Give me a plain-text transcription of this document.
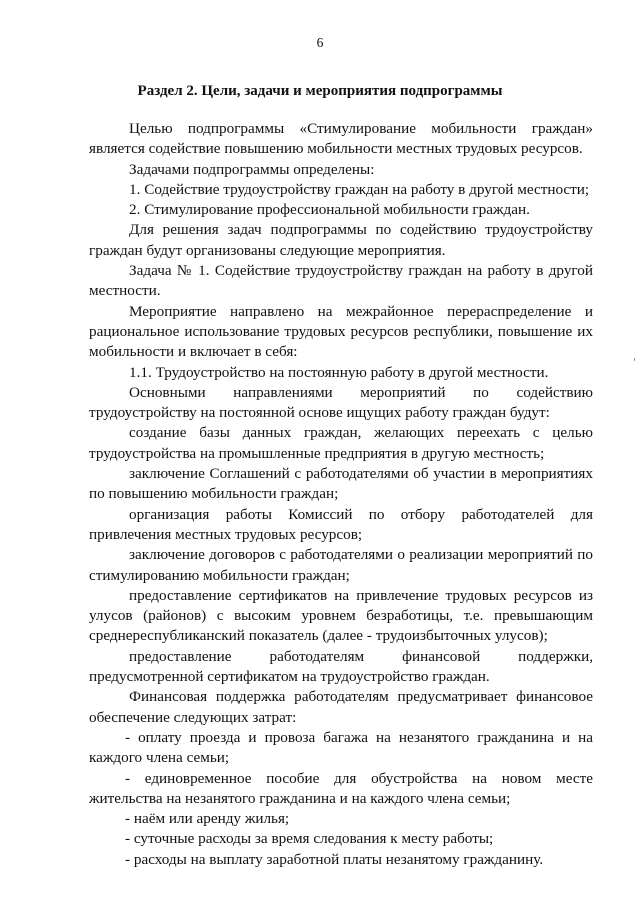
6
Раздел 2. Цели, задачи и мероприятия подпрограммы

Целью подпрограммы «Стимулирование мобильности граждан» является содействие повышению мобильности местных трудовых ресурсов.

Задачами подпрограммы определены:

1. Содействие трудоустройству граждан на работу в другой местности;

2. Стимулирование профессиональной мобильности граждан.

Для решения задач подпрограммы по содействию трудоустройству граждан будут организованы следующие мероприятия.

Задача № 1. Содействие трудоустройству граждан на работу в другой местности.

Мероприятие направлено на межрайонное перераспределение и рациональное использование трудовых ресурсов республики, повышение их мобильности и включает в себя:

1.1. Трудоустройство на постоянную работу в другой местности.

Основными направлениями мероприятий по содействию трудоустройству на постоянной основе ищущих работу граждан будут:

создание базы данных граждан, желающих переехать с целью трудоустройства на промышленные предприятия в другую местность;

заключение Соглашений с работодателями об участии в мероприятиях по повышению мобильности граждан;

организация работы Комиссий по отбору работодателей для привлечения местных трудовых ресурсов;

заключение договоров с работодателями о реализации мероприятий по стимулированию мобильности граждан;

предоставление сертификатов на привлечение трудовых ресурсов из улусов (районов) с высоким уровнем безработицы, т.е. превышающим среднереспубликанский показатель (далее - трудоизбыточных улусов);

предоставление работодателям финансовой поддержки, предусмотренной сертификатом на трудоустройство граждан.

Финансовая поддержка работодателям предусматривает финансовое обеспечение следующих затрат:

- оплату проезда и провоза багажа на незанятого гражданина и на каждого члена семьи;

- единовременное пособие для обустройства на новом месте жительства на незанятого гражданина и на каждого члена семьи;

- наём или аренду жилья;

- суточные расходы за время следования к месту работы;

- расходы на выплату заработной платы незанятому гражданину.
